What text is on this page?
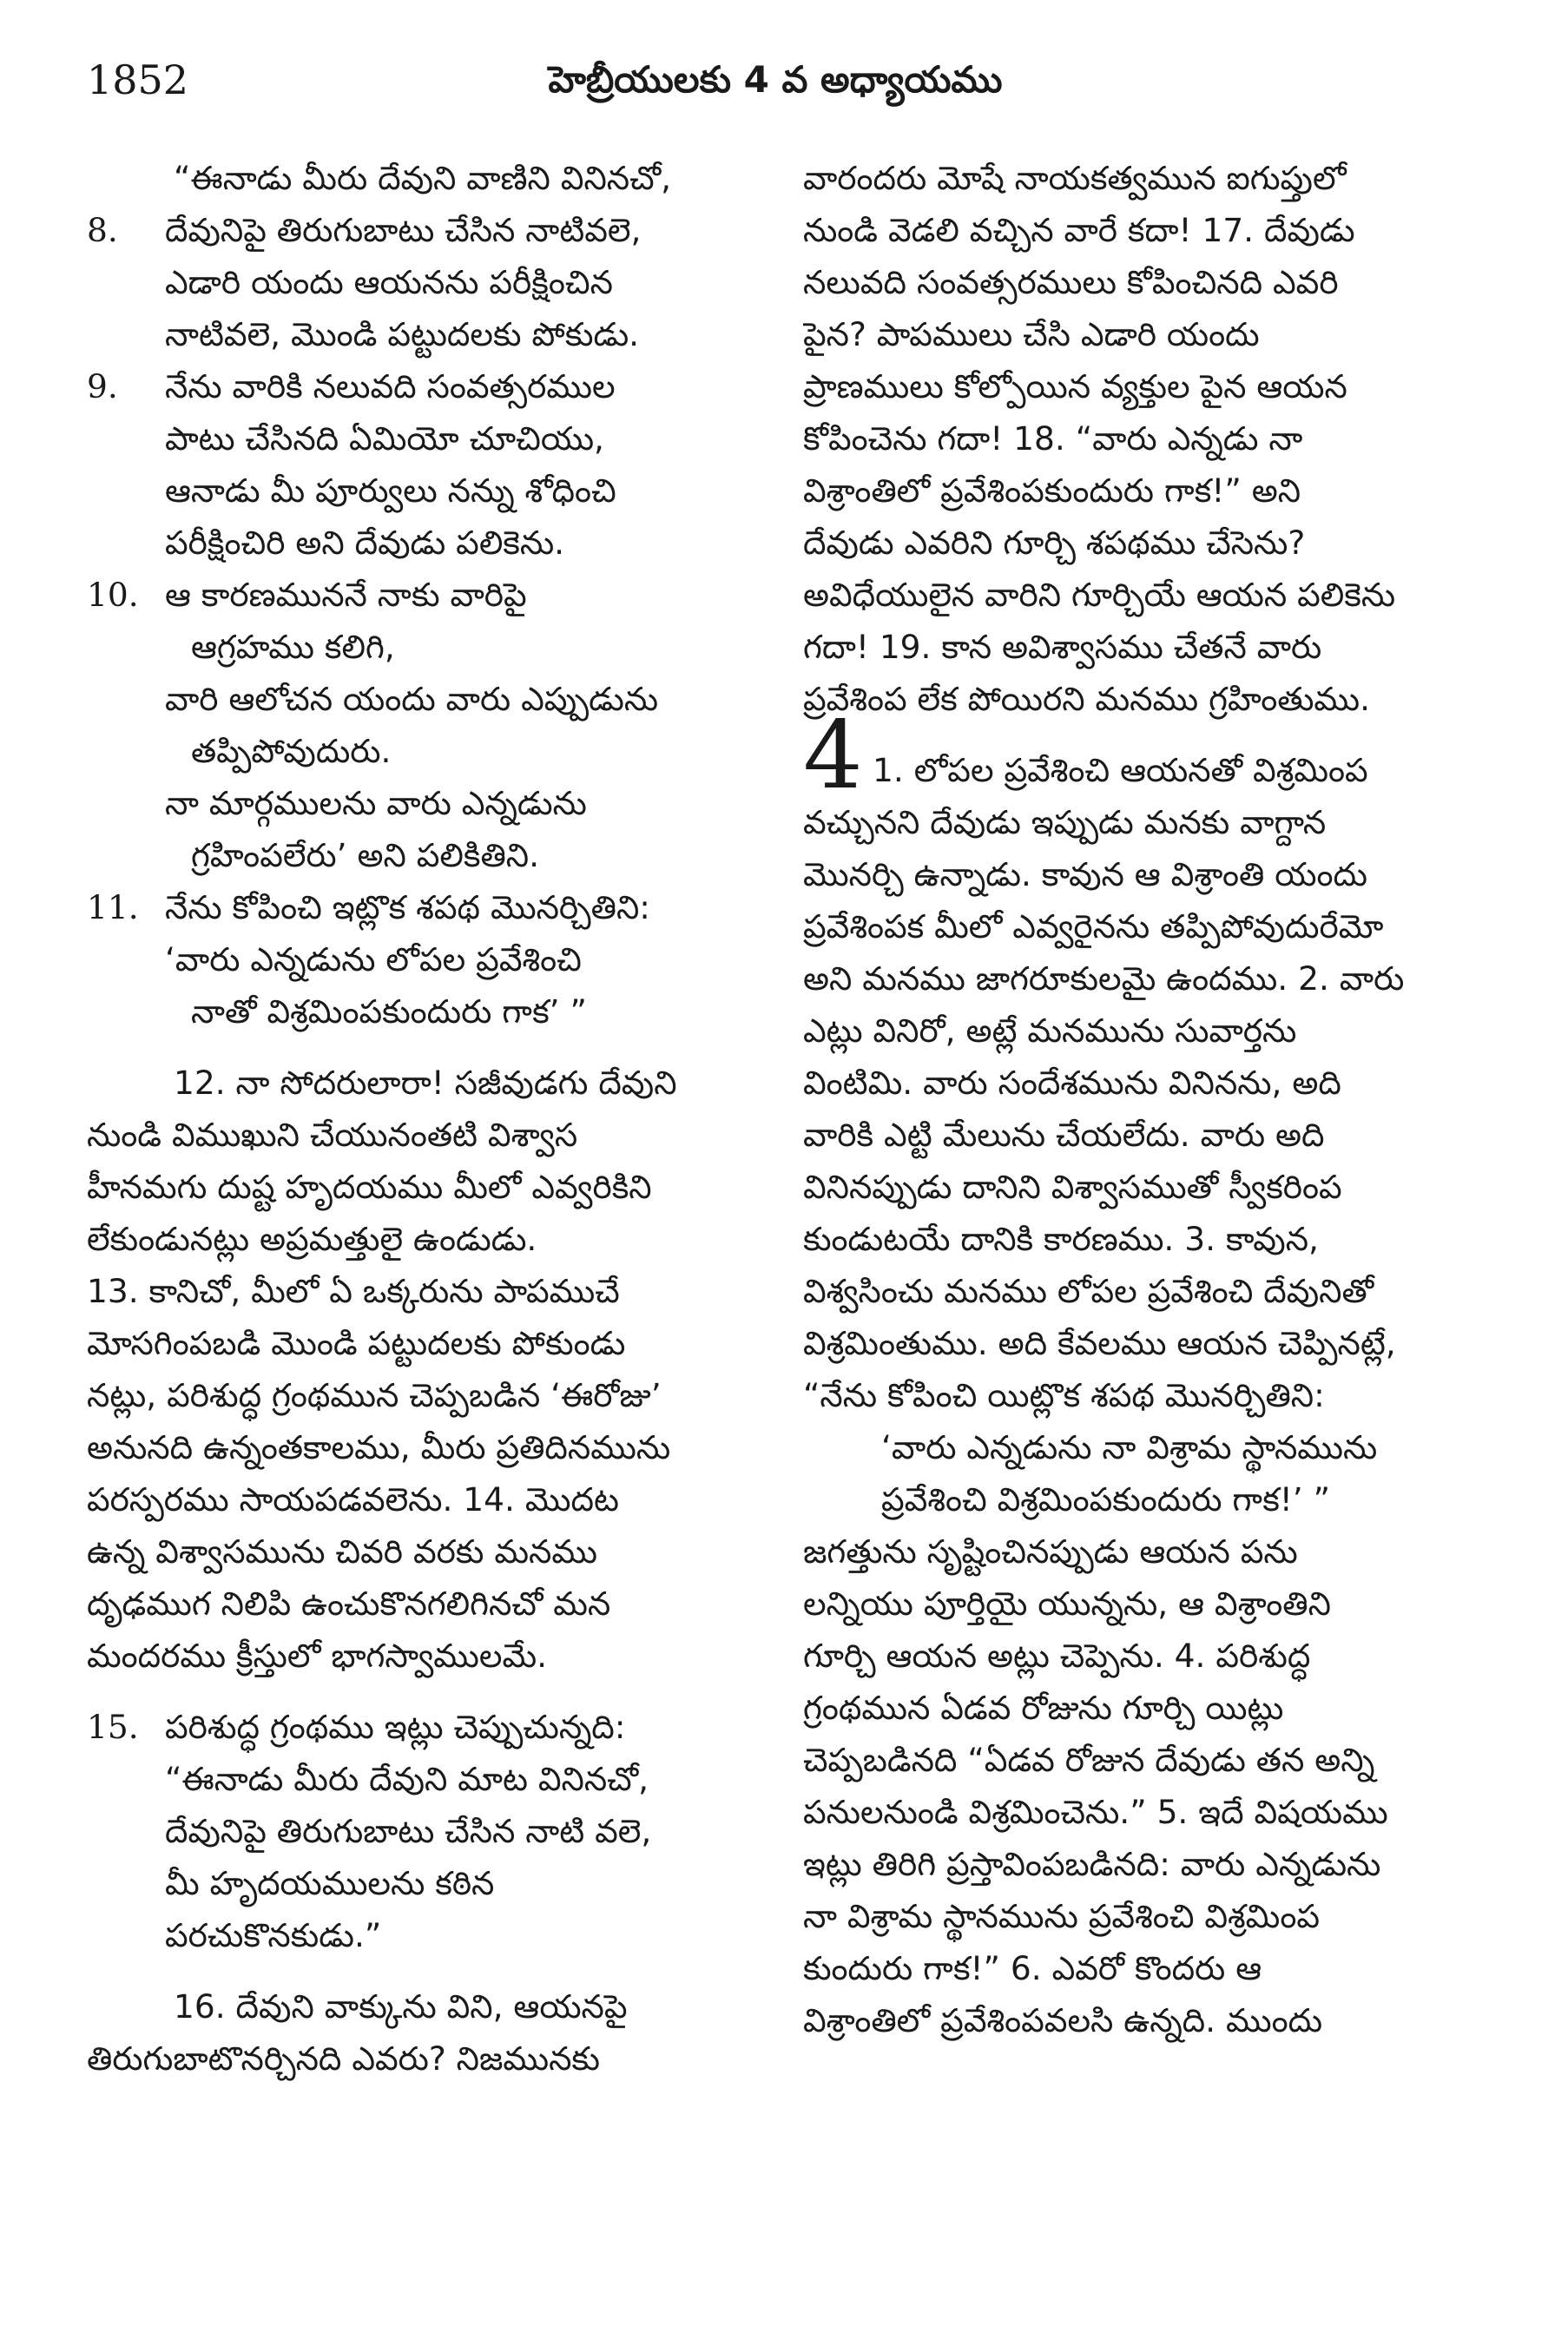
1852	హెబ్రీయులకు 4 వ అధ్యాయము
“ఈనాడు మీరు దేవుని వాణిని వినినచో,
8. దేవునిపై తిరుగుబాటు చేసిన నాటివలె,
ఎడారి యందు ఆయనను పరీక్షించిన
నాటివలె, మొండి పట్టుదలకు పోకుడు.
9. నేను వారికి నలువది సంవత్సరముల
పాటు చేసినది ఏమియో చూచియు,
ఆనాడు మీ పూర్వులు నన్ను శోధించి
పరీక్షించిరి అని దేవుడు పలికెను.
10. ఆ కారణముననే నాకు వారిపై
ఆగ్రహము కలిగి,
వారి ఆలోచన యందు వారు ఎప్పుడును
తప్పిపోవుదురు.
నా మార్గములను వారు ఎన్నడును
గ్రహింపలేరు’ అని పలికితిని.
11. నేను కోపించి ఇట్లొక శపథ మొనర్చితిని:
‘వారు ఎన్నడును లోపల ప్రవేశించి
నాతో విశ్రమింపకుందురు గాక’ ”
12. నా సోదరులారా! సజీవుడగు దేవుని
నుండి విముఖుని చేయునంతటి విశ్వాస
హీనమగు దుష్ట హృదయము మీలో ఎవ్వరికిని
లేకుండునట్లు అప్రమత్తులై ఉండుడు.
13. కానిచో, మీలో ఏ ఒక్కరును పాపముచే
మోసగింపబడి మొండి పట్టుదలకు పోకుండు
నట్లు, పరిశుద్ధ గ్రంథమున చెప్పబడిన ‘ఈరోజు’
అనునది ఉన్నంతకాలము, మీరు ప్రతిదినమును
పరస్పరము సాయపడవలెను. 14. మొదట
ఉన్న విశ్వాసమును చివరి వరకు మనము
దృఢముగ నిలిపి ఉంచుకొనగలిగినచో మన
మందరము క్రీస్తులో భాగస్వాములమే.
15. పరిశుద్ధ గ్రంథము ఇట్లు చెప్పుచున్నది:
“ఈనాడు మీరు దేవుని మాట వినినచో,
దేవునిపై తిరుగుబాటు చేసిన నాటి వలె,
మీ హృదయములను కఠిన
పరచుకొనకుడు.”
16. దేవుని వాక్కును విని, ఆయనపై
తిరుగుబాటొనర్చినది ఎవరు? నిజమునకు
వారందరు మోషే నాయకత్వమున ఐగుప్తులో
నుండి వెడలి వచ్చిన వారే కదా! 17. దేవుడు
నలువది సంవత్సరములు కోపించినది ఎవరి
పైన? పాపములు చేసి ఎడారి యందు
ప్రాణములు కోల్పోయిన వ్యక్తుల పైన ఆయన
కోపించెను గదా! 18. “వారు ఎన్నడు నా
విశ్రాంతిలో ప్రవేశింపకుందురు గాక!” అని
దేవుడు ఎవరిని గూర్చి శపథము చేసెను?
అవిధేయులైన వారిని గూర్చియే ఆయన పలికెను
గదా! 19. కాన అవిశ్వాసము చేతనే వారు
ప్రవేశింప లేక పోయిరని మనము గ్రహింతుము.
4 1. లోపల ప్రవేశించి ఆయనతో విశ్రమింప
వచ్చునని దేవుడు ఇప్పుడు మనకు వాగ్దాన
మొనర్చి ఉన్నాడు. కావున ఆ విశ్రాంతి యందు
ప్రవేశింపక మీలో ఎవ్వరైనను తప్పిపోవుదురేమో
అని మనము జాగరూకులమై ఉందము. 2. వారు
ఎట్లు వినిరో, అట్లే మనమును సువార్తను
వింటిమి. వారు సందేశమును వినినను, అది
వారికి ఎట్టి మేలును చేయలేదు. వారు అది
వినినప్పుడు దానిని విశ్వాసముతో స్వీకరింప
కుండుటయే దానికి కారణము. 3. కావున,
విశ్వసించు మనము లోపల ప్రవేశించి దేవునితో
విశ్రమింతుము. అది కేవలము ఆయన చెప్పినట్లే,
“నేను కోపించి యిట్లొక శపథ మొనర్చితిని:
‘వారు ఎన్నడును నా విశ్రామ స్థానమును
ప్రవేశించి విశ్రమింపకుందురు గాక!’ ”
జగత్తును సృష్టించినప్పుడు ఆయన పను
లన్నియు పూర్తియై యున్నను, ఆ విశ్రాంతిని
గూర్చి ఆయన అట్లు చెప్పెను. 4. పరిశుద్ధ
గ్రంథమున ఏడవ రోజును గూర్చి యిట్లు
చెప్పబడినది “ఏడవ రోజున దేవుడు తన అన్ని
పనులనుండి విశ్రమించెను.” 5. ఇదే విషయము
ఇట్లు తిరిగి ప్రస్తావింపబడినది: వారు ఎన్నడును
నా విశ్రామ స్థానమును ప్రవేశించి విశ్రమింప
కుందురు గాక!” 6. ఎవరో కొందరు ఆ
విశ్రాంతిలో ప్రవేశింపవలసి ఉన్నది. ముందు
